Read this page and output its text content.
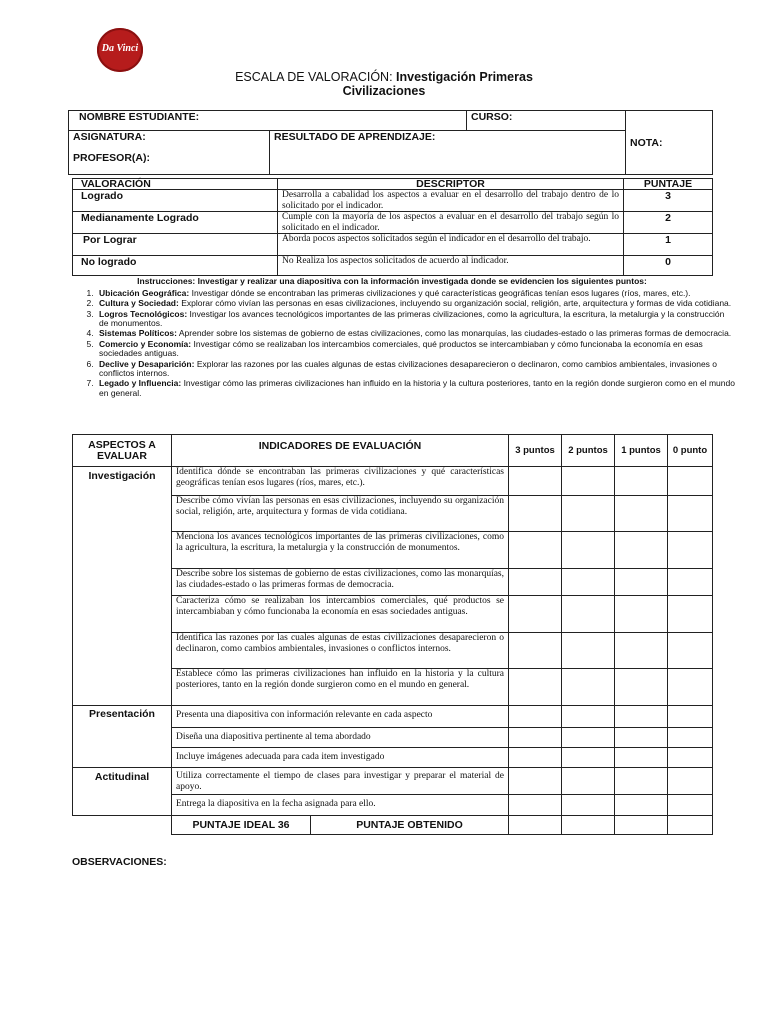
Da Vinci
ESCALA DE VALORACIÓN: Investigación Primeras
Civilizaciones
NOMBRE ESTUDIANTE:		CURSO:	NOTA:

ASIGNATURA:
PROFESOR(A):	RESULTADO DE APRENDIZAJE:		
VALORACIÓN	DESCRIPTOR	PUNTAJE
Logrado	Desarrolla a cabalidad los aspectos a evaluar en el desarrollo del trabajo dentro de lo solicitado por el indicador.	3
Medianamente Logrado	Cumple con la mayoría de los aspectos a evaluar en el desarrollo del trabajo según lo solicitado en el indicador.	2
Por Lograr	Aborda pocos aspectos solicitados según el indicador en el desarrollo del trabajo.	1
No logrado	No Realiza los aspectos solicitados de acuerdo al indicador.	0
Instrucciones: Investigar y realizar una diapositiva con la información investigada donde se evidencien los siguientes puntos:
1. Ubicación Geográfica: Investigar dónde se encontraban las primeras civilizaciones y qué características geográficas tenían esos lugares (ríos, mares, etc.).
2. Cultura y Sociedad: Explorar cómo vivían las personas en esas civilizaciones, incluyendo su organización social, religión, arte, arquitectura y formas de vida cotidiana.
3. Logros Tecnológicos: Investigar los avances tecnológicos importantes de las primeras civilizaciones, como la agricultura, la escritura, la metalurgia y la construcción de monumentos.
4. Sistemas Políticos: Aprender sobre los sistemas de gobierno de estas civilizaciones, como las monarquías, las ciudades-estado o las primeras formas de democracia.
5. Comercio y Economía: Investigar cómo se realizaban los intercambios comerciales, qué productos se intercambiaban y cómo funcionaba la economía en esas sociedades antiguas.
6. Declive y Desaparición: Explorar las razones por las cuales algunas de estas civilizaciones desaparecieron o declinaron, como cambios ambientales, invasiones o conflictos internos.
7. Legado y Influencia: Investigar cómo las primeras civilizaciones han influido en la historia y la cultura posteriores, tanto en la región donde surgieron como en el mundo en general.
ASPECTOS A EVALUAR	INDICADORES DE EVALUACIÓN		3 puntos	2 puntos	1 puntos	0 punto
Investigación	Identifica dónde se encontraban las primeras civilizaciones y qué características geográficas tenían esos lugares (ríos, mares, etc.).					
	Describe cómo vivían las personas en esas civilizaciones, incluyendo su organización social, religión, arte, arquitectura y formas de vida cotidiana.					
	Menciona los avances tecnológicos importantes de las primeras civilizaciones, como la agricultura, la escritura, la metalurgia y la construcción de monumentos.					
	Describe sobre los sistemas de gobierno de estas civilizaciones, como las monarquías, las ciudades-estado o las primeras formas de democracia.					
	Caracteriza cómo se realizaban los intercambios comerciales, qué productos se intercambiaban y cómo funcionaba la economía en esas sociedades antiguas.					
	Identifica las razones por las cuales algunas de estas civilizaciones desaparecieron o declinaron, como cambios ambientales, invasiones o conflictos internos.					
	Establece cómo las primeras civilizaciones han influido en la historia y la cultura posteriores, tanto en la región donde surgieron como en el mundo en general.					
Presentación	Presenta una diapositiva con información relevante en cada aspecto					
	Diseña una diapositiva pertinente al tema abordado					
	Incluye imágenes adecuada para cada item investigado					
Actitudinal	Utiliza correctamente el tiempo de clases para investigar y preparar el material de apoyo.					
	Entrega la diapositiva en la fecha asignada para ello.					
	PUNTAJE IDEAL 36	PUNTAJE OBTENIDO				
OBSERVACIONES:
